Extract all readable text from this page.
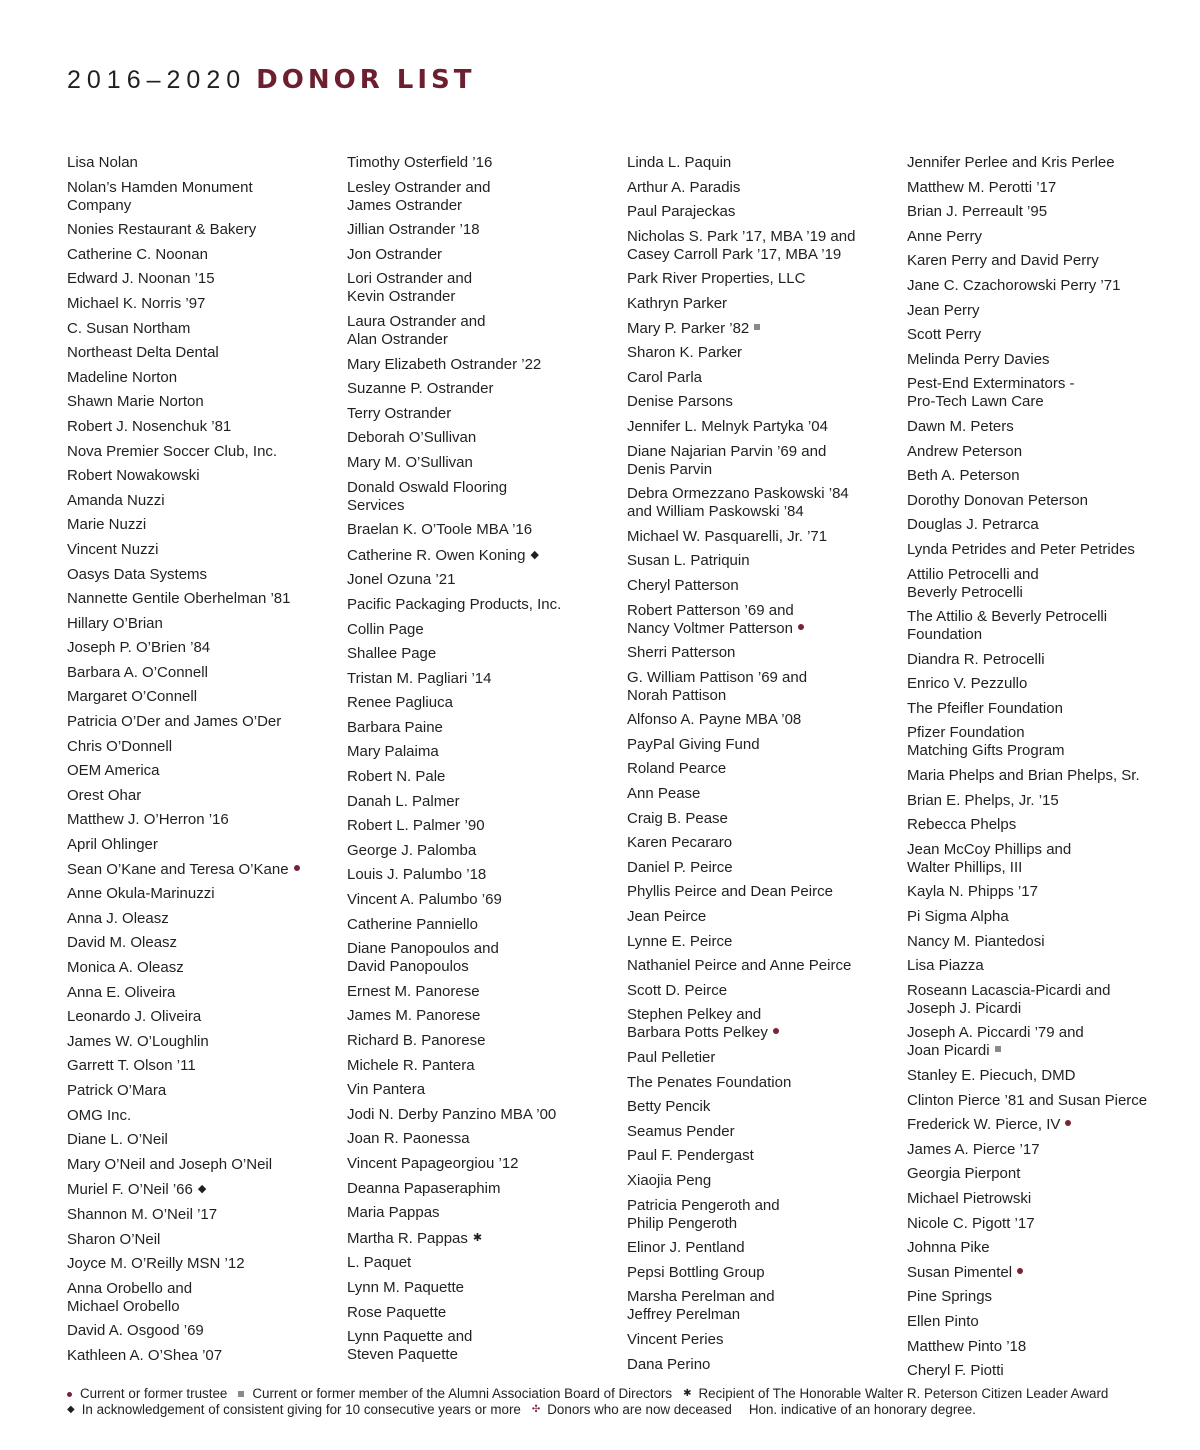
2016–2020 DONOR LIST
Lisa Nolan
Nolan’s Hamden Monument
Company
Nonies Restaurant & Bakery
Catherine C. Noonan
Edward J. Noonan ’15
Michael K. Norris ’97
C. Susan Northam
Northeast Delta Dental
Madeline Norton
Shawn Marie Norton
Robert J. Nosenchuk ’81
Nova Premier Soccer Club, Inc.
Robert Nowakowski
Amanda Nuzzi
Marie Nuzzi
Vincent Nuzzi
Oasys Data Systems
Nannette Gentile Oberhelman ’81
Hillary O’Brian
Joseph P. O’Brien ’84
Barbara A. O’Connell
Margaret O’Connell
Patricia O’Der and James O’Der
Chris O’Donnell
OEM America
Orest Ohar
Matthew J. O’Herron ’16
April Ohlinger
Sean O’Kane and Teresa O’Kane
Anne Okula-Marinuzzi
Anna J. Oleasz
David M. Oleasz
Monica A. Oleasz
Anna E. Oliveira
Leonardo J. Oliveira
James W. O’Loughlin
Garrett T. Olson ’11
Patrick O’Mara
OMG Inc.
Diane L. O’Neil
Mary O’Neil and Joseph O’Neil
Muriel F. O’Neil ’66 ◆
Shannon M. O’Neil ’17
Sharon O’Neil
Joyce M. O’Reilly MSN ’12
Anna Orobello and
Michael Orobello
David A. Osgood ’69
Kathleen A. O’Shea ’07
Timothy Osterfield ’16
Lesley Ostrander and
James Ostrander
Jillian Ostrander ’18
Jon Ostrander
Lori Ostrander and
Kevin Ostrander
Laura Ostrander and
Alan Ostrander
Mary Elizabeth Ostrander ’22
Suzanne P. Ostrander
Terry Ostrander
Deborah O’Sullivan
Mary M. O’Sullivan
Donald Oswald Flooring
Services
Braelan K. O’Toole MBA ’16
Catherine R. Owen Koning ◆
Jonel Ozuna ’21
Pacific Packaging Products, Inc.
Collin Page
Shallee Page
Tristan M. Pagliari ’14
Renee Pagliuca
Barbara Paine
Mary Palaima
Robert N. Pale
Danah L. Palmer
Robert L. Palmer ’90
George J. Palomba
Louis J. Palumbo ’18
Vincent A. Palumbo ’69
Catherine Panniello
Diane Panopoulos and
David Panopoulos
Ernest M. Panorese
James M. Panorese
Richard B. Panorese
Michele R. Pantera
Vin Pantera
Jodi N. Derby Panzino MBA ’00
Joan R. Paonessa
Vincent Papageorgiou ’12
Deanna Papaseraphim
Maria Pappas
Martha R. Pappas ✱
L. Paquet
Lynn M. Paquette
Rose Paquette
Lynn Paquette and
Steven Paquette
Linda L. Paquin
Arthur A. Paradis
Paul Parajeckas
Nicholas S. Park ’17, MBA ’19 and
Casey Carroll Park ’17, MBA ’19
Park River Properties, LLC
Kathryn Parker
Mary P. Parker ’82
Sharon K. Parker
Carol Parla
Denise Parsons
Jennifer L. Melnyk Partyka ’04
Diane Najarian Parvin ’69 and
Denis Parvin
Debra Ormezzano Paskowski ’84
and William Paskowski ’84
Michael W. Pasquarelli, Jr. ’71
Susan L. Patriquin
Cheryl Patterson
Robert Patterson ’69 and
Nancy Voltmer Patterson
Sherri Patterson
G. William Pattison ’69 and
Norah Pattison
Alfonso A. Payne MBA ’08
PayPal Giving Fund
Roland Pearce
Ann Pease
Craig B. Pease
Karen Pecararo
Daniel P. Peirce
Phyllis Peirce and Dean Peirce
Jean Peirce
Lynne E. Peirce
Nathaniel Peirce and Anne Peirce
Scott D. Peirce
Stephen Pelkey and
Barbara Potts Pelkey
Paul Pelletier
The Penates Foundation
Betty Pencik
Seamus Pender
Paul F. Pendergast
Xiaojia Peng
Patricia Pengeroth and
Philip Pengeroth
Elinor J. Pentland
Pepsi Bottling Group
Marsha Perelman and
Jeffrey Perelman
Vincent Peries
Dana Perino
Jennifer Perlee and Kris Perlee
Matthew M. Perotti ’17
Brian J. Perreault ’95
Anne Perry
Karen Perry and David Perry
Jane C. Czachorowski Perry ’71
Jean Perry
Scott Perry
Melinda Perry Davies
Pest-End Exterminators -
Pro-Tech Lawn Care
Dawn M. Peters
Andrew Peterson
Beth A. Peterson
Dorothy Donovan Peterson
Douglas J. Petrarca
Lynda Petrides and Peter Petrides
Attilio Petrocelli and
Beverly Petrocelli
The Attilio & Beverly Petrocelli
Foundation
Diandra R. Petrocelli
Enrico V. Pezzullo
The Pfeifler Foundation
Pfizer Foundation
Matching Gifts Program
Maria Phelps and Brian Phelps, Sr.
Brian E. Phelps, Jr. ’15
Rebecca Phelps
Jean McCoy Phillips and
Walter Phillips, III
Kayla N. Phipps ’17
Pi Sigma Alpha
Nancy M. Piantedosi
Lisa Piazza
Roseann Lacascia-Picardi and
Joseph J. Picardi
Joseph A. Piccardi ’79 and
Joan Picardi
Stanley E. Piecuch, DMD
Clinton Pierce ’81 and Susan Pierce
Frederick W. Pierce, IV
James A. Pierce ’17
Georgia Pierpont
Michael Pietrowski
Nicole C. Pigott ’17
Johnna Pike
Susan Pimentel
Pine Springs
Ellen Pinto
Matthew Pinto ’18
Cheryl F. Piotti
Current or former trustee Current or former member of the Alumni Association Board of Directors ✱ Recipient of The Honorable Walter R. Peterson Citizen Leader Award
◆ In acknowledgement of consistent giving for 10 consecutive years or more ✣ Donors who are now deceased Hon. indicative of an honorary degree.
